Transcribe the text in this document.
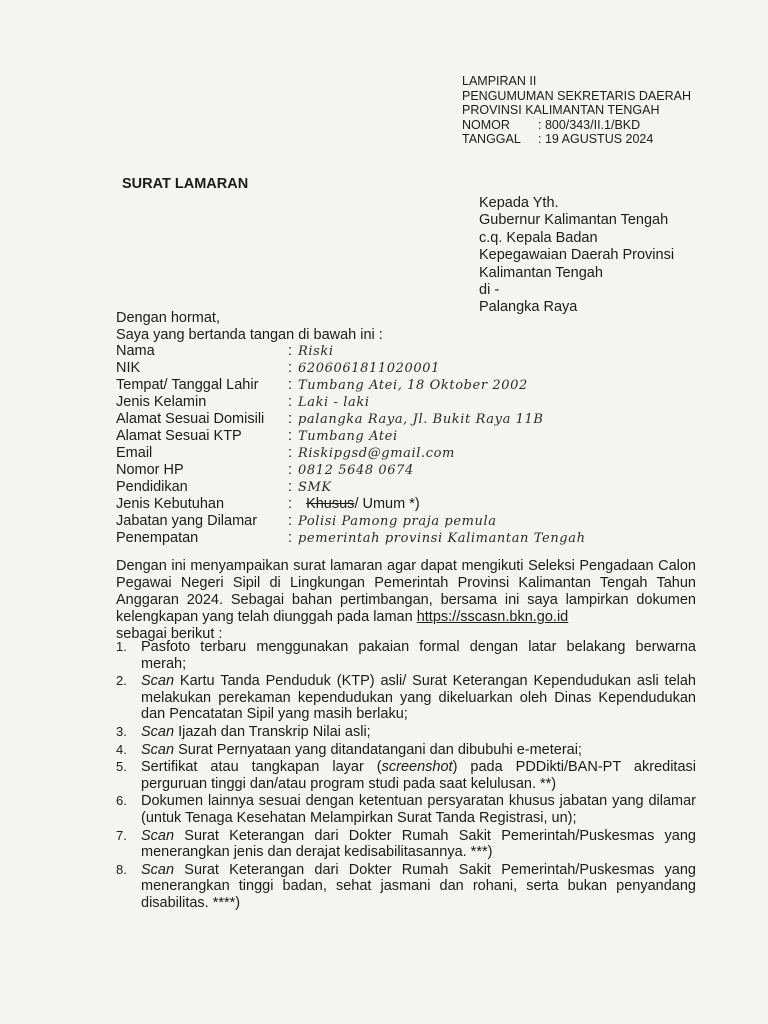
LAMPIRAN II
PENGUMUMAN SEKRETARIS DAERAH
PROVINSI KALIMANTAN TENGAH
NOMOR	: 800/343/II.1/BKD
TANGGAL	: 19 AGUSTUS 2024
SURAT LAMARAN
Kepada Yth.
Gubernur Kalimantan Tengah
c.q. Kepala Badan
Kepegawaian Daerah Provinsi
Kalimantan Tengah
di -
Palangka Raya
Dengan hormat,
Saya yang bertanda tangan di bawah ini :
Nama	: Riski
NIK	: 6206061811020001
Tempat/ Tanggal Lahir	: Tumbang Atei, 18 Oktober 2002
Jenis Kelamin	: Laki - laki
Alamat Sesuai Domisili	: palangka Raya, Jl. Bukit Raya 11B
Alamat Sesuai KTP	: Tumbang Atei
Email	: Riskipgsd@gmail.com
Nomor HP	: 0812 5648 0674
Pendidikan	: SMK
Jenis Kebutuhan	: Khusus/ Umum *)
Jabatan yang Dilamar	: Polisi Pamong praja pemula
Penempatan	: pemerintah provinsi Kalimantan Tengah
Dengan ini menyampaikan surat lamaran agar dapat mengikuti Seleksi Pengadaan Calon Pegawai Negeri Sipil di Lingkungan Pemerintah Provinsi Kalimantan Tengah Tahun Anggaran 2024. Sebagai bahan pertimbangan, bersama ini saya lampirkan dokumen kelengkapan yang telah diunggah pada laman https://sscasn.bkn.go.id
sebagai berikut :
1. Pasfoto terbaru menggunakan pakaian formal dengan latar belakang berwarna merah;
2. Scan Kartu Tanda Penduduk (KTP) asli/ Surat Keterangan Kependudukan asli telah melakukan perekaman kependudukan yang dikeluarkan oleh Dinas Kependudukan dan Pencatatan Sipil yang masih berlaku;
3. Scan Ijazah dan Transkrip Nilai asli;
4. Scan Surat Pernyataan yang ditandatangani dan dibubuhi e-meterai;
5. Sertifikat atau tangkapan layar (screenshot) pada PDDikti/BAN-PT akreditasi perguruan tinggi dan/atau program studi pada saat kelulusan. **)
6. Dokumen lainnya sesuai dengan ketentuan persyaratan khusus jabatan yang dilamar (untuk Tenaga Kesehatan Melampirkan Surat Tanda Registrasi, un);
7. Scan Surat Keterangan dari Dokter Rumah Sakit Pemerintah/Puskesmas yang menerangkan jenis dan derajat kedisabilitasannya. ***)
8. Scan Surat Keterangan dari Dokter Rumah Sakit Pemerintah/Puskesmas yang menerangkan tinggi badan, sehat jasmani dan rohani, serta bukan penyandang disabilitas. ****)
